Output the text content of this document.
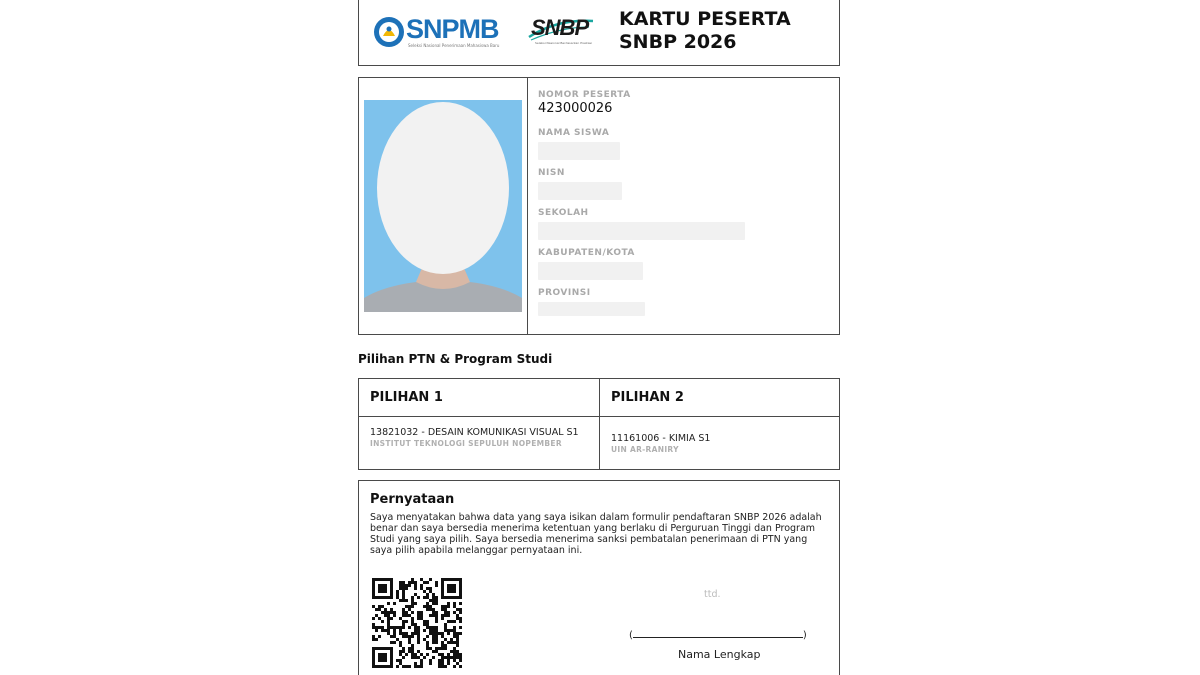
SNPMB
Seleksi Nasional Penerimaan Mahasiswa Baru
SNBP
Seleksi Nasional Berdasarkan Prestasi
KARTU PESERTA
SNBP 2026
NOMOR PESERTA
423000026
NAMA SISWA
NISN
SEKOLAH
KABUPATEN/KOTA
PROVINSI
Pilihan PTN & Program Studi
PILIHAN 1
13821032 - DESAIN KOMUNIKASI VISUAL S1
INSTITUT TEKNOLOGI SEPULUH NOPEMBER
PILIHAN 2
11161006 - KIMIA S1
UIN AR-RANIRY
Pernyataan
Saya menyatakan bahwa data yang saya isikan dalam formulir pendaftaran SNBP 2026 adalah benar dan saya bersedia menerima ketentuan yang berlaku di Perguruan Tinggi dan Program Studi yang saya pilih. Saya bersedia menerima sanksi pembatalan penerimaan di PTN yang saya pilih apabila melanggar pernyataan ini.
ttd.
(	)
Nama Lengkap
